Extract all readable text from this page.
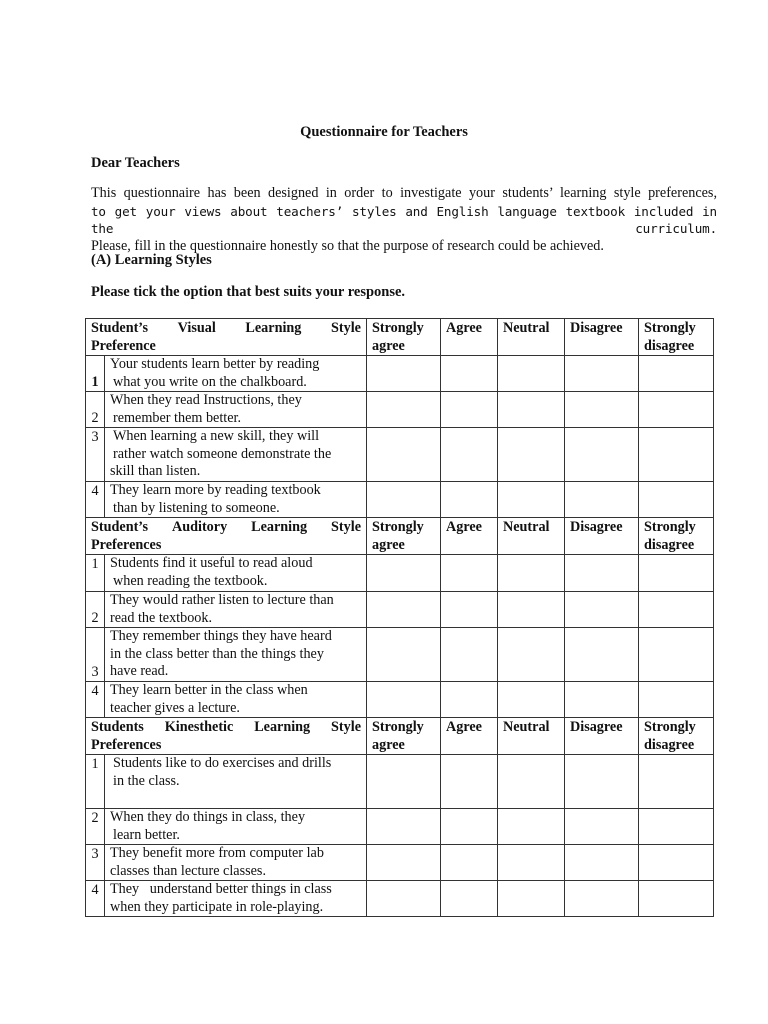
Questionnaire for Teachers
Dear Teachers
This questionnaire has been designed in order to investigate your students’ learning style preferences,
to get your views about teachers’ styles and English language textbook included in the curriculum.
Please, fill in the questionnaire honestly so that the purpose of research could be achieved.
(A) Learning Styles
Please tick the option that best suits your response.
Student’s Visual Learning Style
Preference		Strongly agree	Agree	Neutral	Disagree	Strongly disagree
1	Your students learn better by reading
what you write on the chalkboard.					

2	When they read Instructions, they
remember them better.					

3	When learning a new skill, they will
rather watch someone demonstrate the
skill than listen.					

4	They learn more by reading textbook
than by listening to someone.					

Student’s Auditory Learning Style
Preferences		Strongly agree	Agree	Neutral	Disagree	Strongly disagree
1	Students find it useful to read aloud
when reading the textbook.					

2	They would rather listen to lecture than
read the textbook.					

3	They remember things they have heard
in the class better than the things they
have read.					

4	They learn better in the class when
teacher gives a lecture.					

Students Kinesthetic Learning Style
Preferences		Strongly agree	Agree	Neutral	Disagree	Strongly disagree
1	Students like to do exercises and drills
in the class.					

2	When they do things in class, they
learn better.					

3	They benefit more from computer lab
classes than lecture classes.					

4	They   understand better things in class
when they participate in role-playing.					
